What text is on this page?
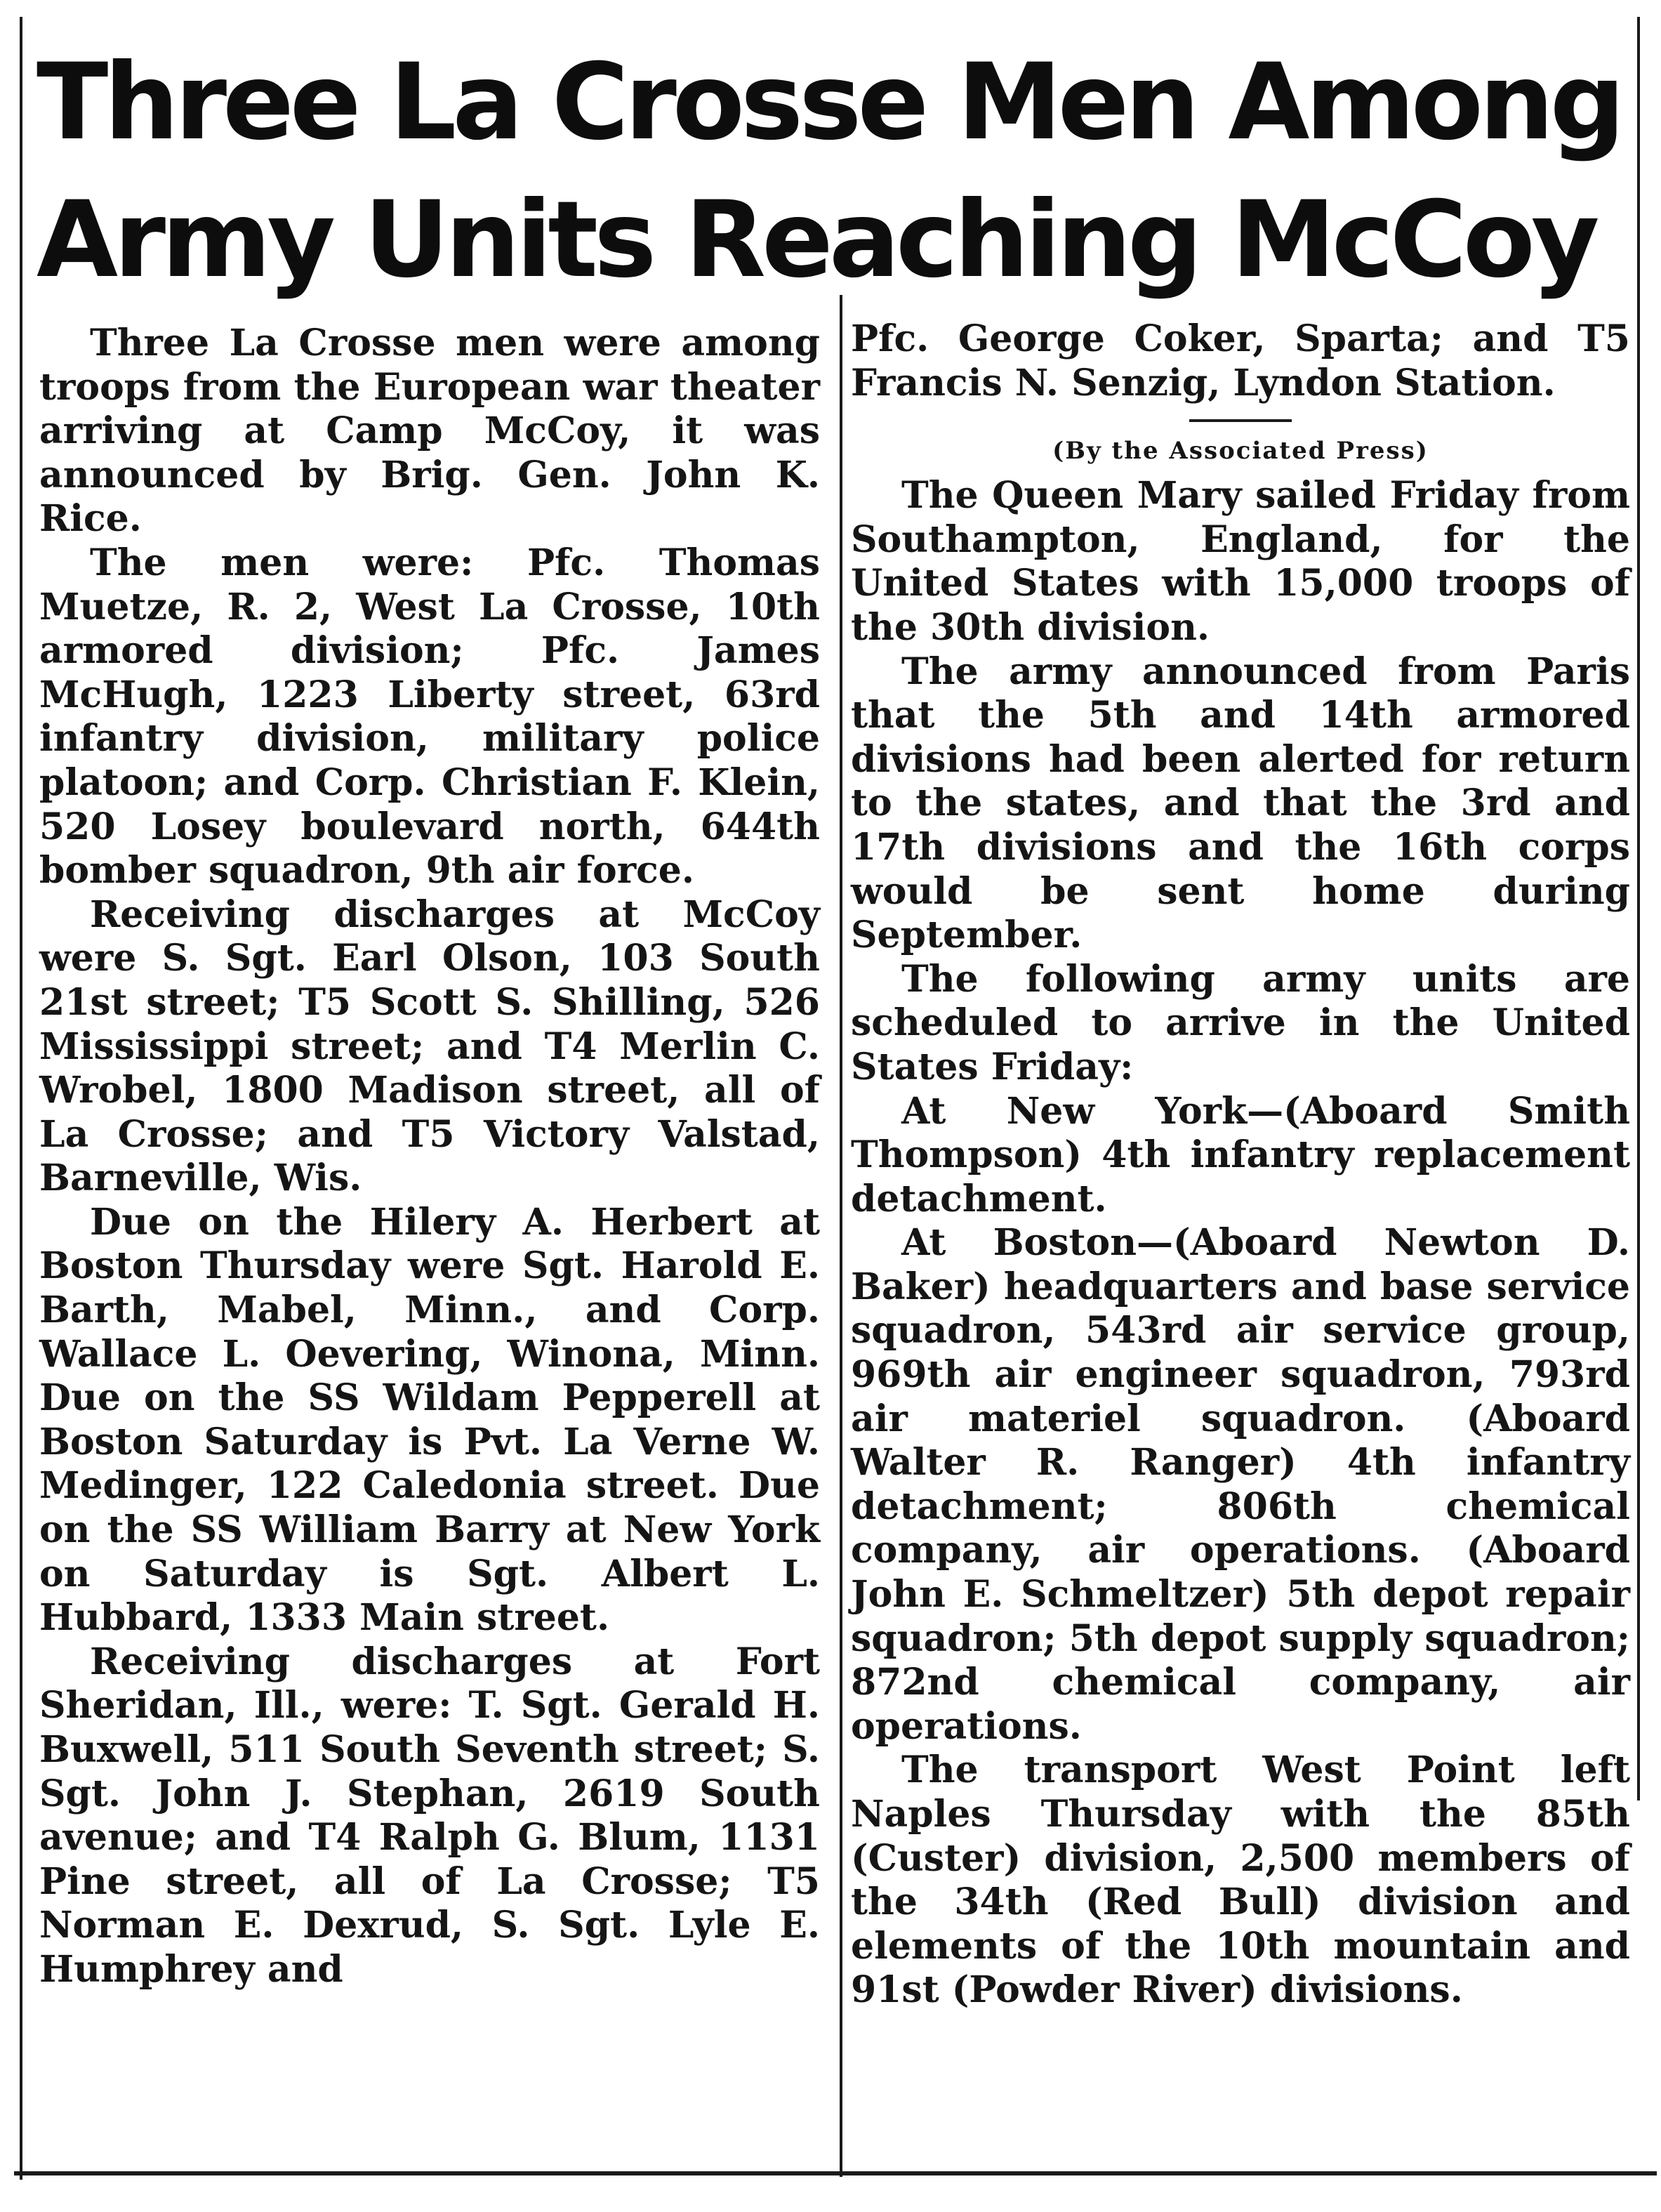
Three La Crosse Men Among
Army Units Reaching McCoy

Three La Crosse men were among troops from the European war theater arriving at Camp McCoy, it was announced by Brig. Gen. John K. Rice.

The men were: Pfc. Thomas Muetze, R. 2, West La Crosse, 10th armored division; Pfc. James McHugh, 1223 Liberty street, 63rd infantry division, military police platoon; and Corp. Christian F. Klein, 520 Losey boulevard north, 644th bomber squadron, 9th air force.

Receiving discharges at McCoy were S. Sgt. Earl Olson, 103 South 21st street; T5 Scott S. Shilling, 526 Mississippi street; and T4 Merlin C. Wrobel, 1800 Madison street, all of La Crosse; and T5 Victory Valstad, Barneville, Wis.

Due on the Hilery A. Herbert at Boston Thursday were Sgt. Harold E. Barth, Mabel, Minn., and Corp. Wallace L. Oevering, Winona, Minn. Due on the SS Wildam Pepperell at Boston Saturday is Pvt. La Verne W. Medinger, 122 Caledonia street. Due on the SS William Barry at New York on Saturday is Sgt. Albert L. Hubbard, 1333 Main street.

Receiving discharges at Fort Sheridan, Ill., were: T. Sgt. Gerald H. Buxwell, 511 South Seventh street; S. Sgt. John J. Stephan, 2619 South avenue; and T4 Ralph G. Blum, 1131 Pine street, all of La Crosse; T5 Norman E. Dexrud, S. Sgt. Lyle E. Humphrey and

Pfc. George Coker, Sparta; and T5 Francis N. Senzig, Lyndon Station.

(By the Associated Press)

The Queen Mary sailed Friday from Southampton, England, for the United States with 15,000 troops of the 30th division.

The army announced from Paris that the 5th and 14th armored divisions had been alerted for return to the states, and that the 3rd and 17th divisions and the 16th corps would be sent home during September.

The following army units are scheduled to arrive in the United States Friday:

At New York—(Aboard Smith Thompson) 4th infantry replacement detachment.

At Boston—(Aboard Newton D. Baker) headquarters and base service squadron, 543rd air service group, 969th air engineer squadron, 793rd air materiel squadron. (Aboard Walter R. Ranger) 4th infantry detachment; 806th chemical company, air operations. (Aboard John E. Schmeltzer) 5th depot repair squadron; 5th depot supply squadron; 872nd chemical company, air operations.

The transport West Point left Naples Thursday with the 85th (Custer) division, 2,500 members of the 34th (Red Bull) division and elements of the 10th mountain and 91st (Powder River) divisions.
